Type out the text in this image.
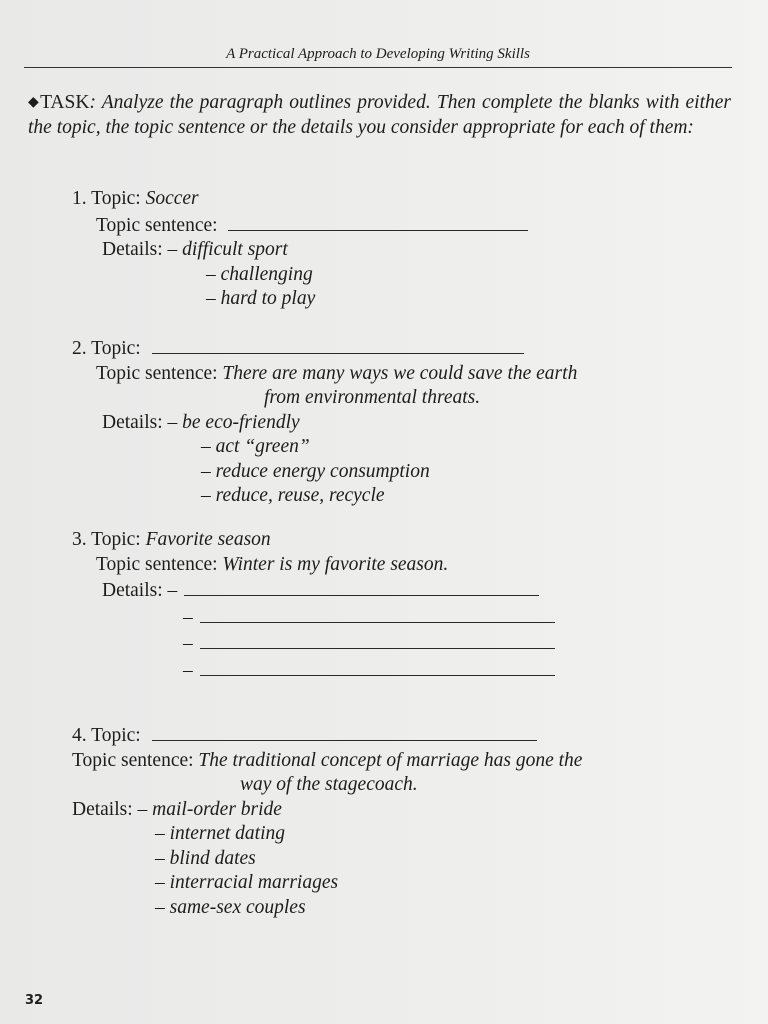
A Practical Approach to Developing Writing Skills
◆TASK: Analyze the paragraph outlines provided. Then complete the blanks with either the topic, the topic sentence or the details you consider appropriate for each of them:
1. Topic: Soccer
Topic sentence:
Details: – difficult sport
– challenging
– hard to play
2. Topic:
Topic sentence: There are many ways we could save the earth
from environmental threats.
Details: – be eco-friendly
– act “green”
– reduce energy consumption
– reduce, reuse, recycle
3. Topic: Favorite season
Topic sentence: Winter is my favorite season.
Details: –
–
–
–
4. Topic:
Topic sentence: The traditional concept of marriage has gone the
way of the stagecoach.
Details: – mail-order bride
– internet dating
– blind dates
– interracial marriages
– same-sex couples
32
